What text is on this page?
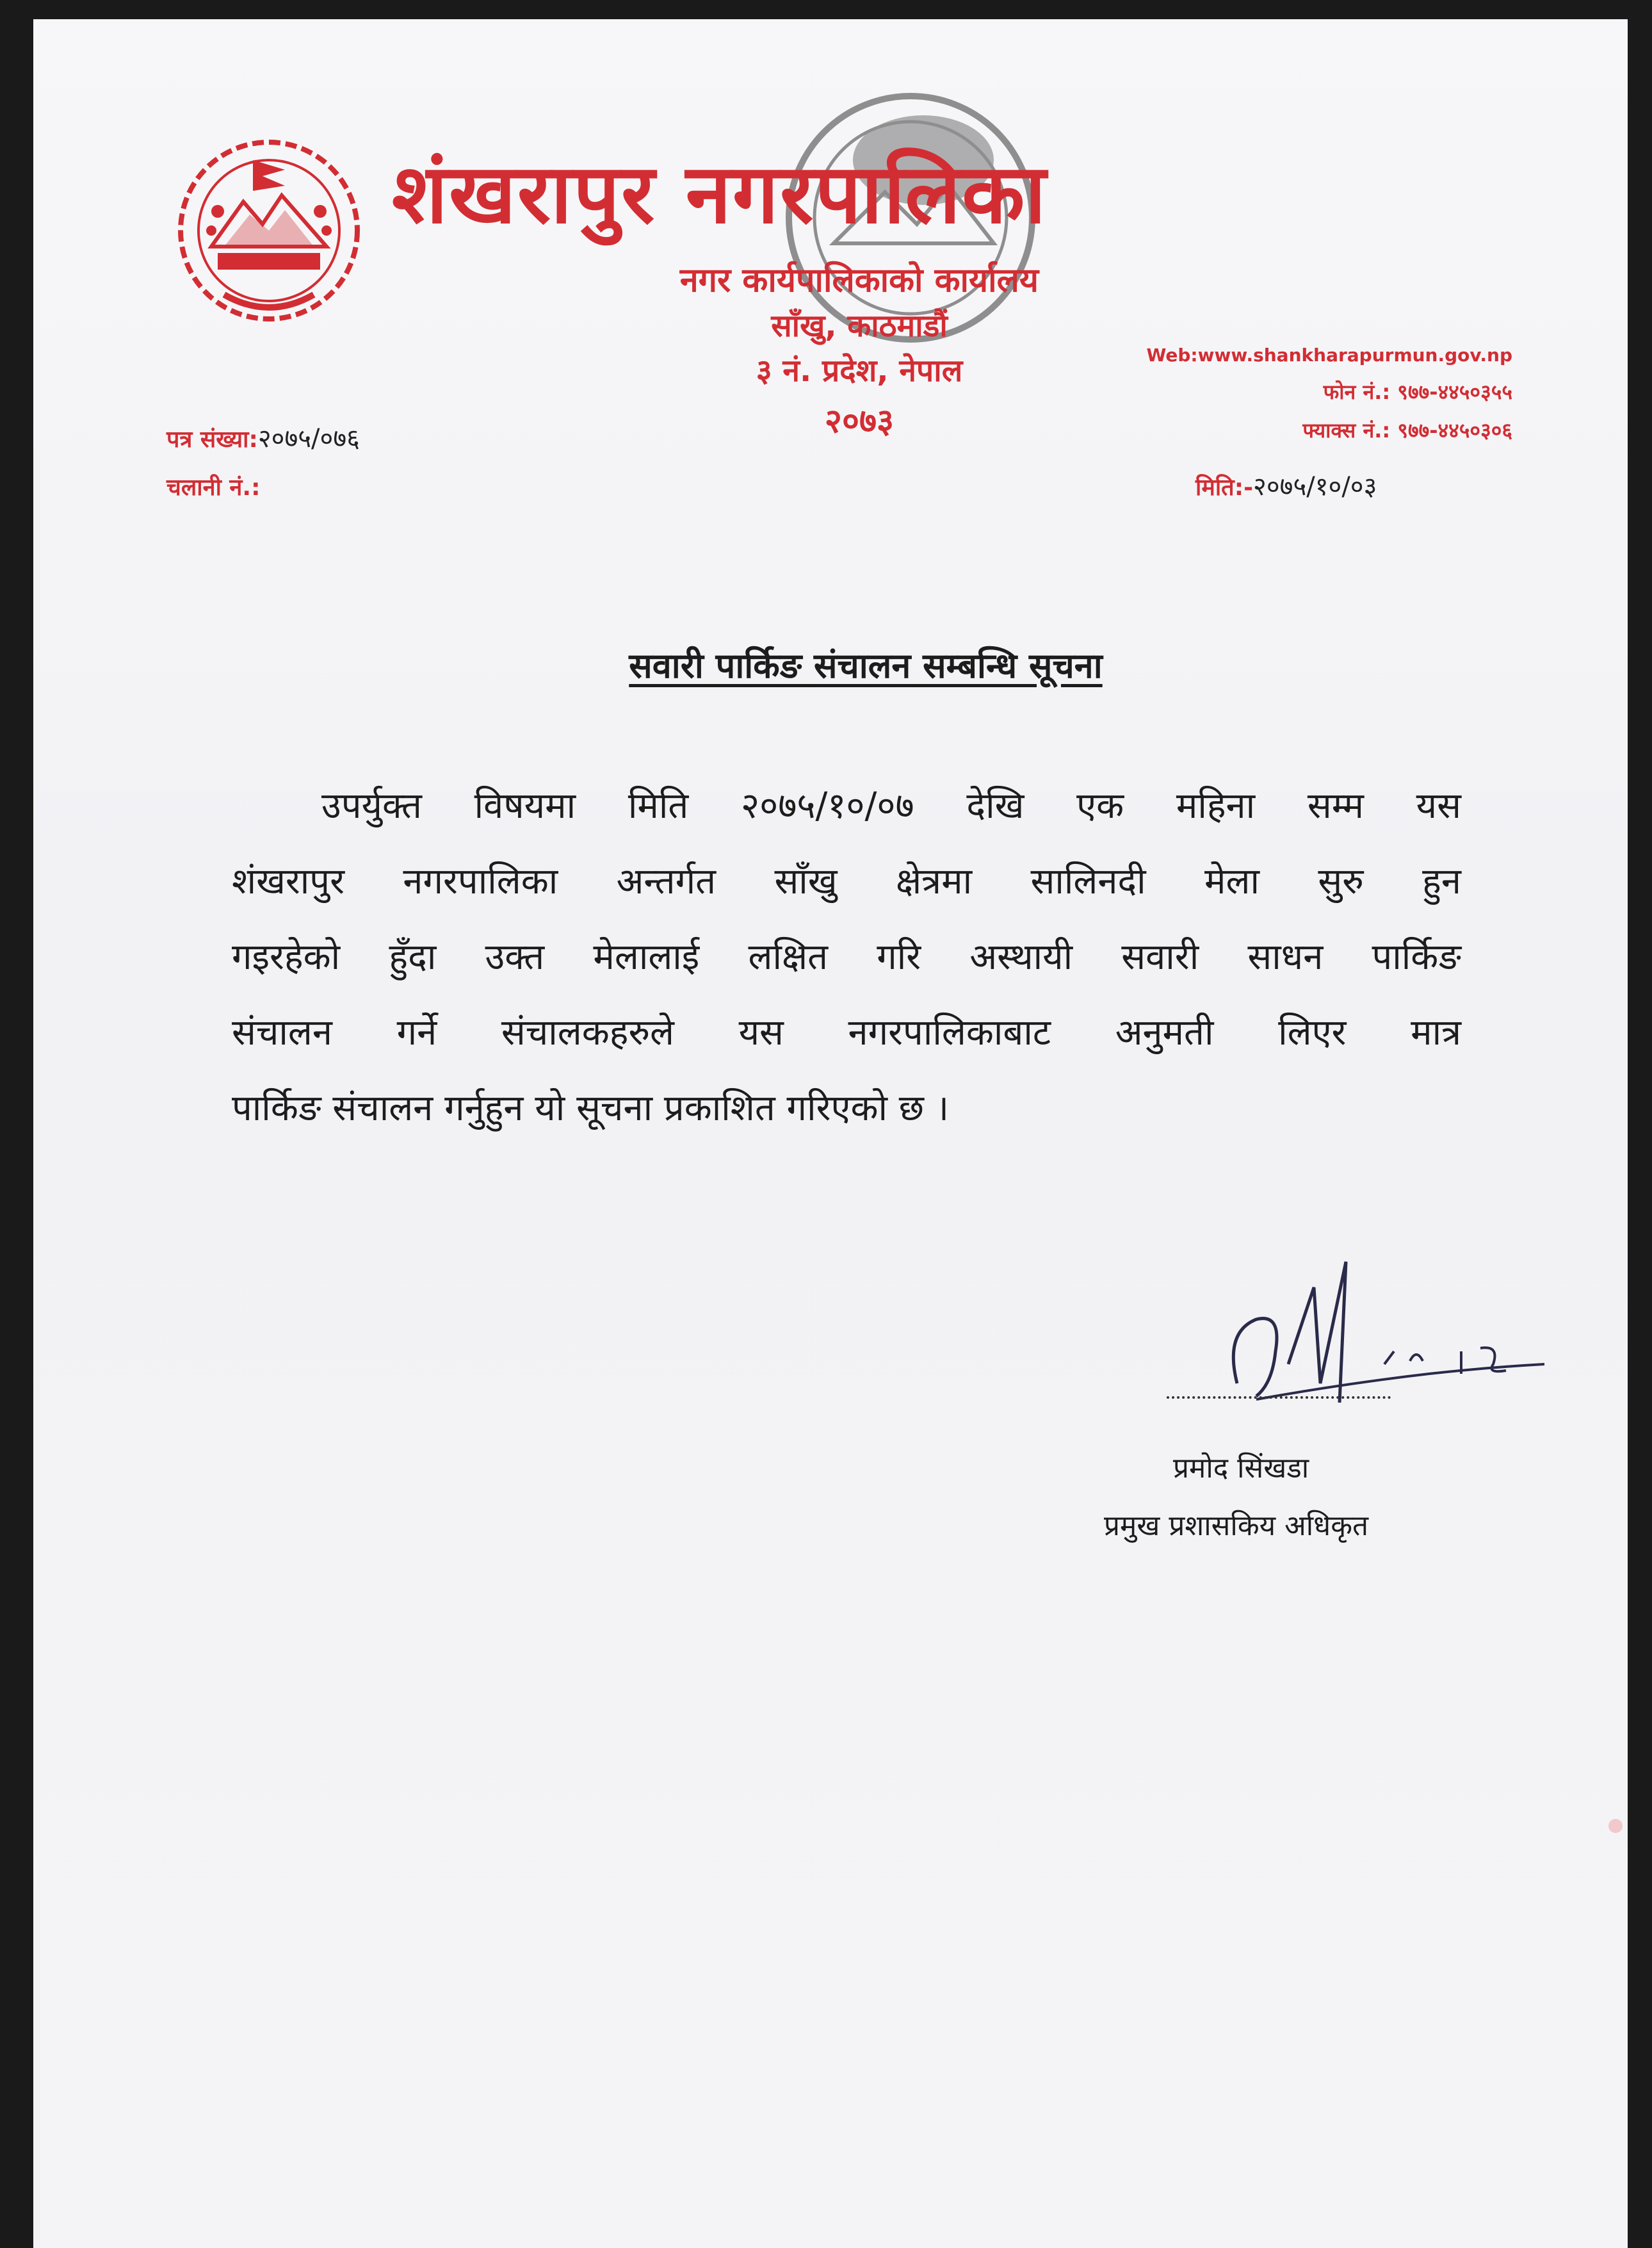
शंखरापुर नगरपालिका
नगर कार्यपालिकाको कार्यालय
साँखु, काठमाडौं
३ नं. प्रदेश, नेपाल
२०७३
Web:www.shankharapurmun.gov.np
फोन नं.: ९७७-४४५०३५५
फ्याक्स नं.: ९७७-४४५०३०६
पत्र संख्या:२०७५/०७६
चलानी नं.:	मिति:-२०७५/१०/०३
सवारी पार्किङ संचालन सम्बन्धि सूचना
उपर्युक्त विषयमा मिति २०७५/१०/०७ देखि एक महिना सम्म यस
शंखरापुर नगरपालिका अन्तर्गत साँखु क्षेत्रमा सालिनदी मेला सुरु हुन
गइरहेको हुँदा उक्त मेलालाई लक्षित गरि अस्थायी सवारी साधन पार्किङ
संचालन गर्ने संचालकहरुले यस नगरपालिकाबाट अनुमती लिएर मात्र
पार्किङ संचालन गर्नुहुन यो सूचना प्रकाशित गरिएको छ ।
प्रमोद सिंखडा
प्रमुख प्रशासकिय अधिकृत
